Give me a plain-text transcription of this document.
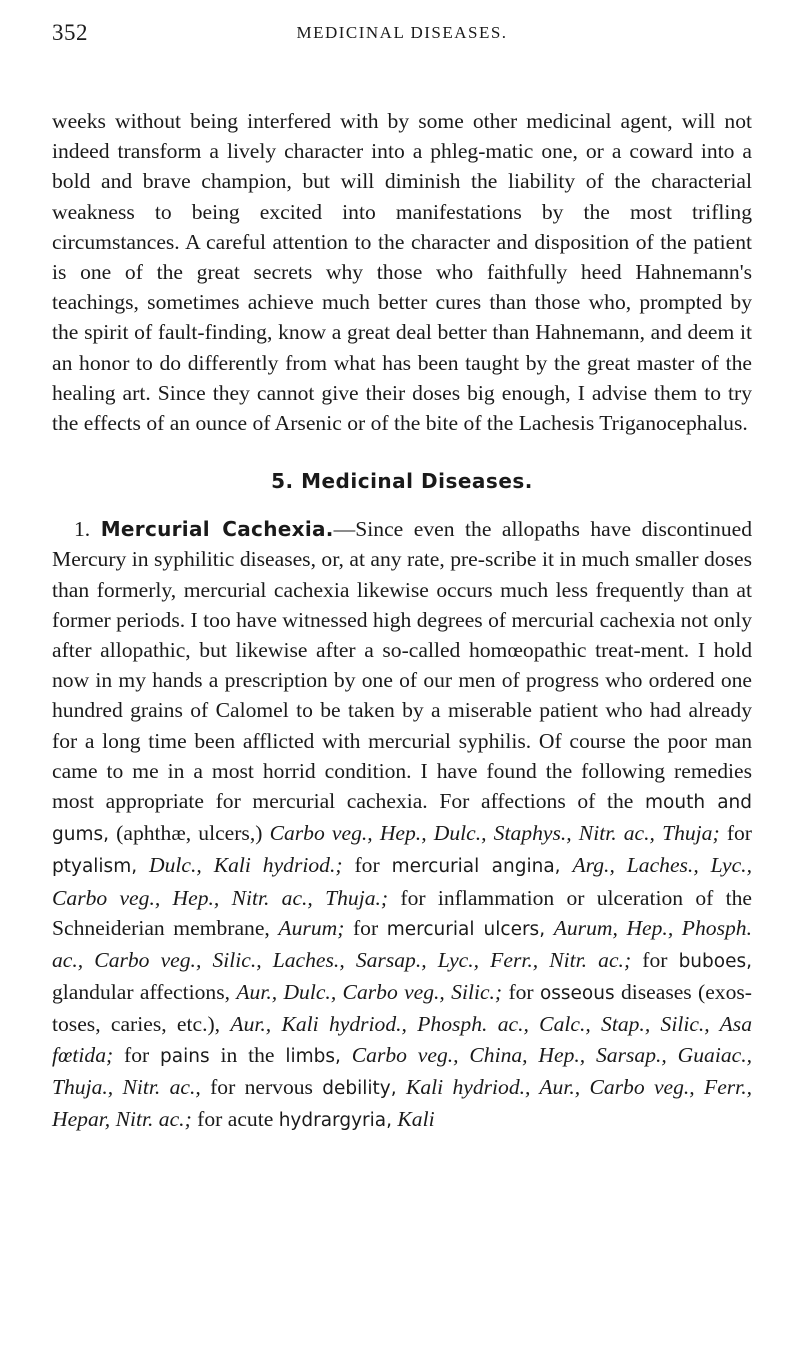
352	MEDICINAL DISEASES.

weeks without being interfered with by some other medicinal agent, will not indeed transform a lively character into a phleg-matic one, or a coward into a bold and brave champion, but will diminish the liability of the characterial weakness to being excited into manifestations by the most trifling circumstances. A careful attention to the character and disposition of the patient is one of the great secrets why those who faithfully heed Hahnemann's teachings, sometimes achieve much better cures than those who, prompted by the spirit of fault-finding, know a great deal better than Hahnemann, and deem it an honor to do differently from what has been taught by the great master of the healing art. Since they cannot give their doses big enough, I advise them to try the effects of an ounce of Arsenic or of the bite of the Lachesis Triganocephalus.

5. Medicinal Diseases.

1. Mercurial Cachexia.—Since even the allopaths have discontinued Mercury in syphilitic diseases, or, at any rate, pre-scribe it in much smaller doses than formerly, mercurial cachexia likewise occurs much less frequently than at former periods. I too have witnessed high degrees of mercurial cachexia not only after allopathic, but likewise after a so-called homœopathic treat-ment. I hold now in my hands a prescription by one of our men of progress who ordered one hundred grains of Calomel to be taken by a miserable patient who had already for a long time been afflicted with mercurial syphilis. Of course the poor man came to me in a most horrid condition. I have found the following remedies most appropriate for mercurial cachexia. For affections of the mouth and gums, (aphthæ, ulcers,) Carbo veg., Hep., Dulc., Staphys., Nitr. ac., Thuja; for ptyalism, Dulc., Kali hydriod.; for mercurial angina, Arg., Laches., Lyc., Carbo veg., Hep., Nitr. ac., Thuja.; for inflammation or ulceration of the Schneiderian membrane, Aurum; for mercurial ulcers, Aurum, Hep., Phosph. ac., Carbo veg., Silic., Laches., Sarsap., Lyc., Ferr., Nitr. ac.; for buboes, glandular affections, Aur., Dulc., Carbo veg., Silic.; for osseous diseases (exos-toses, caries, etc.), Aur., Kali hydriod., Phosph. ac., Calc., Stap., Silic., Asa fœtida; for pains in the limbs, Carbo veg., China, Hep., Sarsap., Guaiac., Thuja., Nitr. ac., for nervous debility, Kali hydriod., Aur., Carbo veg., Ferr., Hepar, Nitr. ac.; for acute hydrargyria, Kali
